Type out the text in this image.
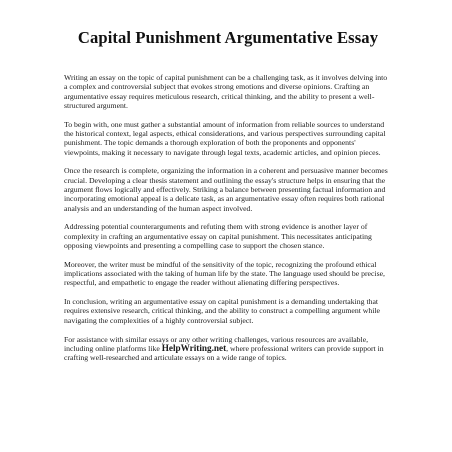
Capital Punishment Argumentative Essay

Writing an essay on the topic of capital punishment can be a challenging task, as it involves delving into a complex and controversial subject that evokes strong emotions and diverse opinions. Crafting an argumentative essay requires meticulous research, critical thinking, and the ability to present a well-structured argument.

To begin with, one must gather a substantial amount of information from reliable sources to understand the historical context, legal aspects, ethical considerations, and various perspectives surrounding capital punishment. The topic demands a thorough exploration of both the proponents and opponents' viewpoints, making it necessary to navigate through legal texts, academic articles, and opinion pieces.

Once the research is complete, organizing the information in a coherent and persuasive manner becomes crucial. Developing a clear thesis statement and outlining the essay's structure helps in ensuring that the argument flows logically and effectively. Striking a balance between presenting factual information and incorporating emotional appeal is a delicate task, as an argumentative essay often requires both rational analysis and an understanding of the human aspect involved.

Addressing potential counterarguments and refuting them with strong evidence is another layer of complexity in crafting an argumentative essay on capital punishment. This necessitates anticipating opposing viewpoints and presenting a compelling case to support the chosen stance.

Moreover, the writer must be mindful of the sensitivity of the topic, recognizing the profound ethical implications associated with the taking of human life by the state. The language used should be precise, respectful, and empathetic to engage the reader without alienating differing perspectives.

In conclusion, writing an argumentative essay on capital punishment is a demanding undertaking that requires extensive research, critical thinking, and the ability to construct a compelling argument while navigating the complexities of a highly controversial subject.

For assistance with similar essays or any other writing challenges, various resources are available, including online platforms like HelpWriting.net, where professional writers can provide support in crafting well-researched and articulate essays on a wide range of topics.
